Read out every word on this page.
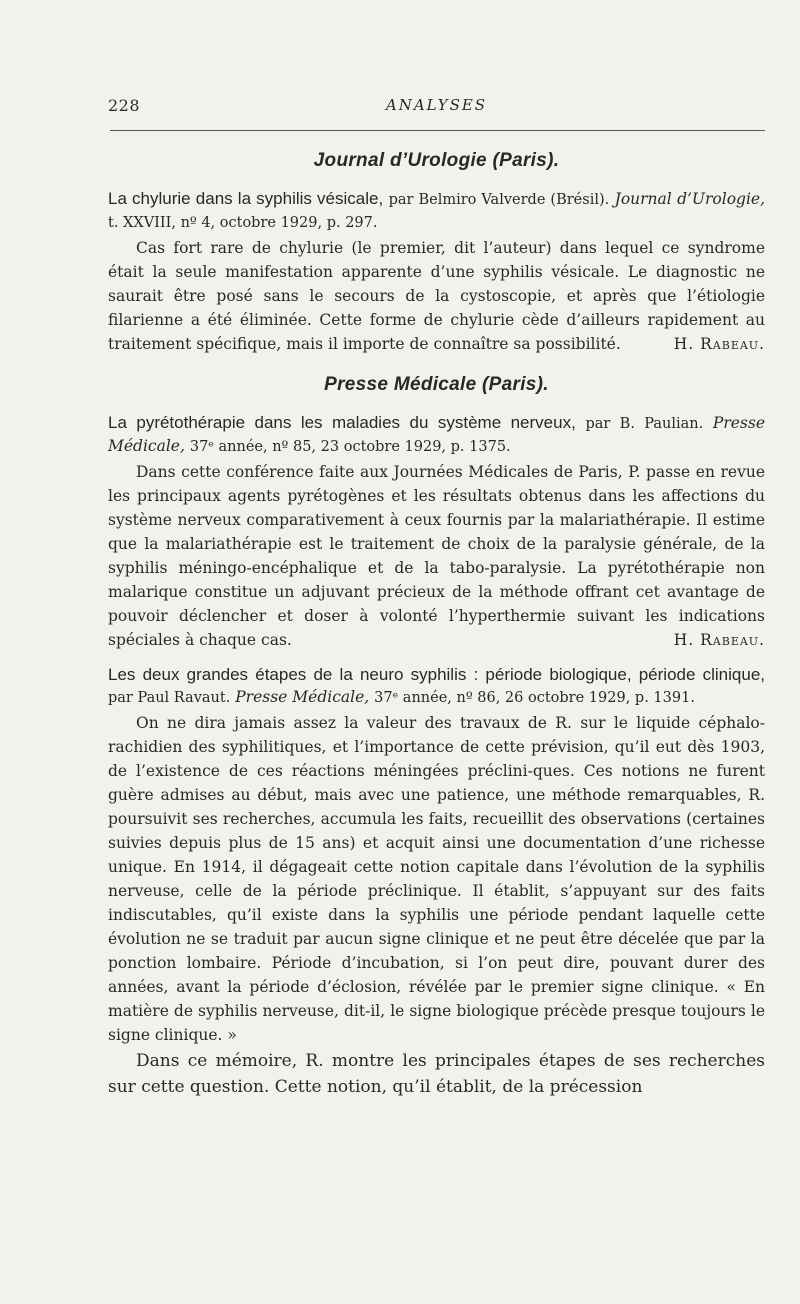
228	ANALYSES
Journal d’Urologie (Paris).

La chylurie dans la syphilis vésicale, par Belmiro Valverde (Brésil). Journal d’Urologie, t. XXVIII, nº 4, octobre 1929, p. 297.

Cas fort rare de chylurie (le premier, dit l’auteur) dans lequel ce syndrome était la seule manifestation apparente d’une syphilis vésicale. Le diagnostic ne saurait être posé sans le secours de la cystoscopie, et après que l’étiologie filarienne a été éliminée. Cette forme de chylurie cède d’ailleurs rapidement au traitement spécifique, mais il importe de connaître sa possibilité.	H. Rabeau.

Presse Médicale (Paris).

La pyrétothérapie dans les maladies du système nerveux, par B. Paulian. Presse Médicale, 37ᵉ année, nº 85, 23 octobre 1929, p. 1375.

Dans cette conférence faite aux Journées Médicales de Paris, P. passe en revue les principaux agents pyrétogènes et les résultats obtenus dans les affections du système nerveux comparativement à ceux fournis par la malariathérapie. Il estime que la malariathérapie est le traitement de choix de la paralysie générale, de la syphilis méningo-encéphalique et de la tabo-paralysie. La pyrétothérapie non malarique constitue un adjuvant précieux de la méthode offrant cet avantage de pouvoir déclencher et doser à volonté l’hyperthermie suivant les indications spéciales à chaque cas.	H. Rabeau.

Les deux grandes étapes de la neuro syphilis : période biologique, période clinique, par Paul Ravaut. Presse Médicale, 37ᵉ année, nº 86, 26 octobre 1929, p. 1391.

On ne dira jamais assez la valeur des travaux de R. sur le liquide céphalo-rachidien des syphilitiques, et l’importance de cette prévision, qu’il eut dès 1903, de l’existence de ces réactions méningées préclini-ques. Ces notions ne furent guère admises au début, mais avec une patience, une méthode remarquables, R. poursuivit ses recherches, accumula les faits, recueillit des observations (certaines suivies depuis plus de 15 ans) et acquit ainsi une documentation d’une richesse unique. En 1914, il dégageait cette notion capitale dans l’évolution de la syphilis nerveuse, celle de la période préclinique. Il établit, s’appuyant sur des faits indiscutables, qu’il existe dans la syphilis une période pendant laquelle cette évolution ne se traduit par aucun signe clinique et ne peut être décelée que par la ponction lombaire. Période d’incubation, si l’on peut dire, pouvant durer des années, avant la période d’éclosion, révélée par le premier signe clinique. « En matière de syphilis nerveuse, dit-il, le signe biologique précède presque toujours le signe clinique. »

Dans ce mémoire, R. montre les principales étapes de ses recherches sur cette question. Cette notion, qu’il établit, de la précession
